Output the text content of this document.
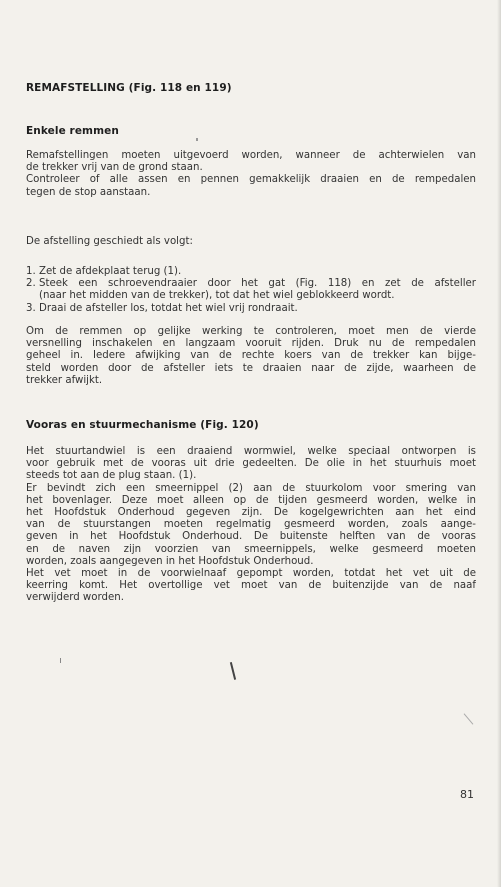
REMAFSTELLING (Fig. 118 en 119)
Enkele remmen
Remafstellingen moeten uitgevoerd worden, wanneer de achterwielen van
de trekker vrij van de grond staan.
Controleer of alle assen en pennen gemakkelijk draaien en de rempedalen
tegen de stop aanstaan.
De afstelling geschiedt als volgt:
1. Zet de afdekplaat terug (1).
2. Steek een schroevendraaier door het gat (Fig. 118) en zet de afsteller
(naar het midden van de trekker), tot dat het wiel geblokkeerd wordt.
3. Draai de afsteller los, totdat het wiel vrij rondraait.
Om de remmen op gelijke werking te controleren, moet men de vierde
versnelling inschakelen en langzaam vooruit rijden. Druk nu de rempedalen
geheel in. Iedere afwijking van de rechte koers van de trekker kan bijge-
steld worden door de afsteller iets te draaien naar de zijde, waarheen de
trekker afwijkt.
Vooras en stuurmechanisme (Fig. 120)
Het stuurtandwiel is een draaiend wormwiel, welke speciaal ontworpen is
voor gebruik met de vooras uit drie gedeelten. De olie in het stuurhuis moet
steeds tot aan de plug staan. (1).
Er bevindt zich een smeernippel (2) aan de stuurkolom voor smering van
het bovenlager. Deze moet alleen op de tijden gesmeerd worden, welke in
het Hoofdstuk Onderhoud gegeven zijn. De kogelgewrichten aan het eind
van de stuurstangen moeten regelmatig gesmeerd worden, zoals aange-
geven in het Hoofdstuk Onderhoud. De buitenste helften van de vooras
en de naven zijn voorzien van smeernippels, welke gesmeerd moeten
worden, zoals aangegeven in het Hoofdstuk Onderhoud.
Het vet moet in de voorwielnaaf gepompt worden, totdat het vet uit de
keerring komt. Het overtollige vet moet van de buitenzijde van de naaf
verwijderd worden.
81
